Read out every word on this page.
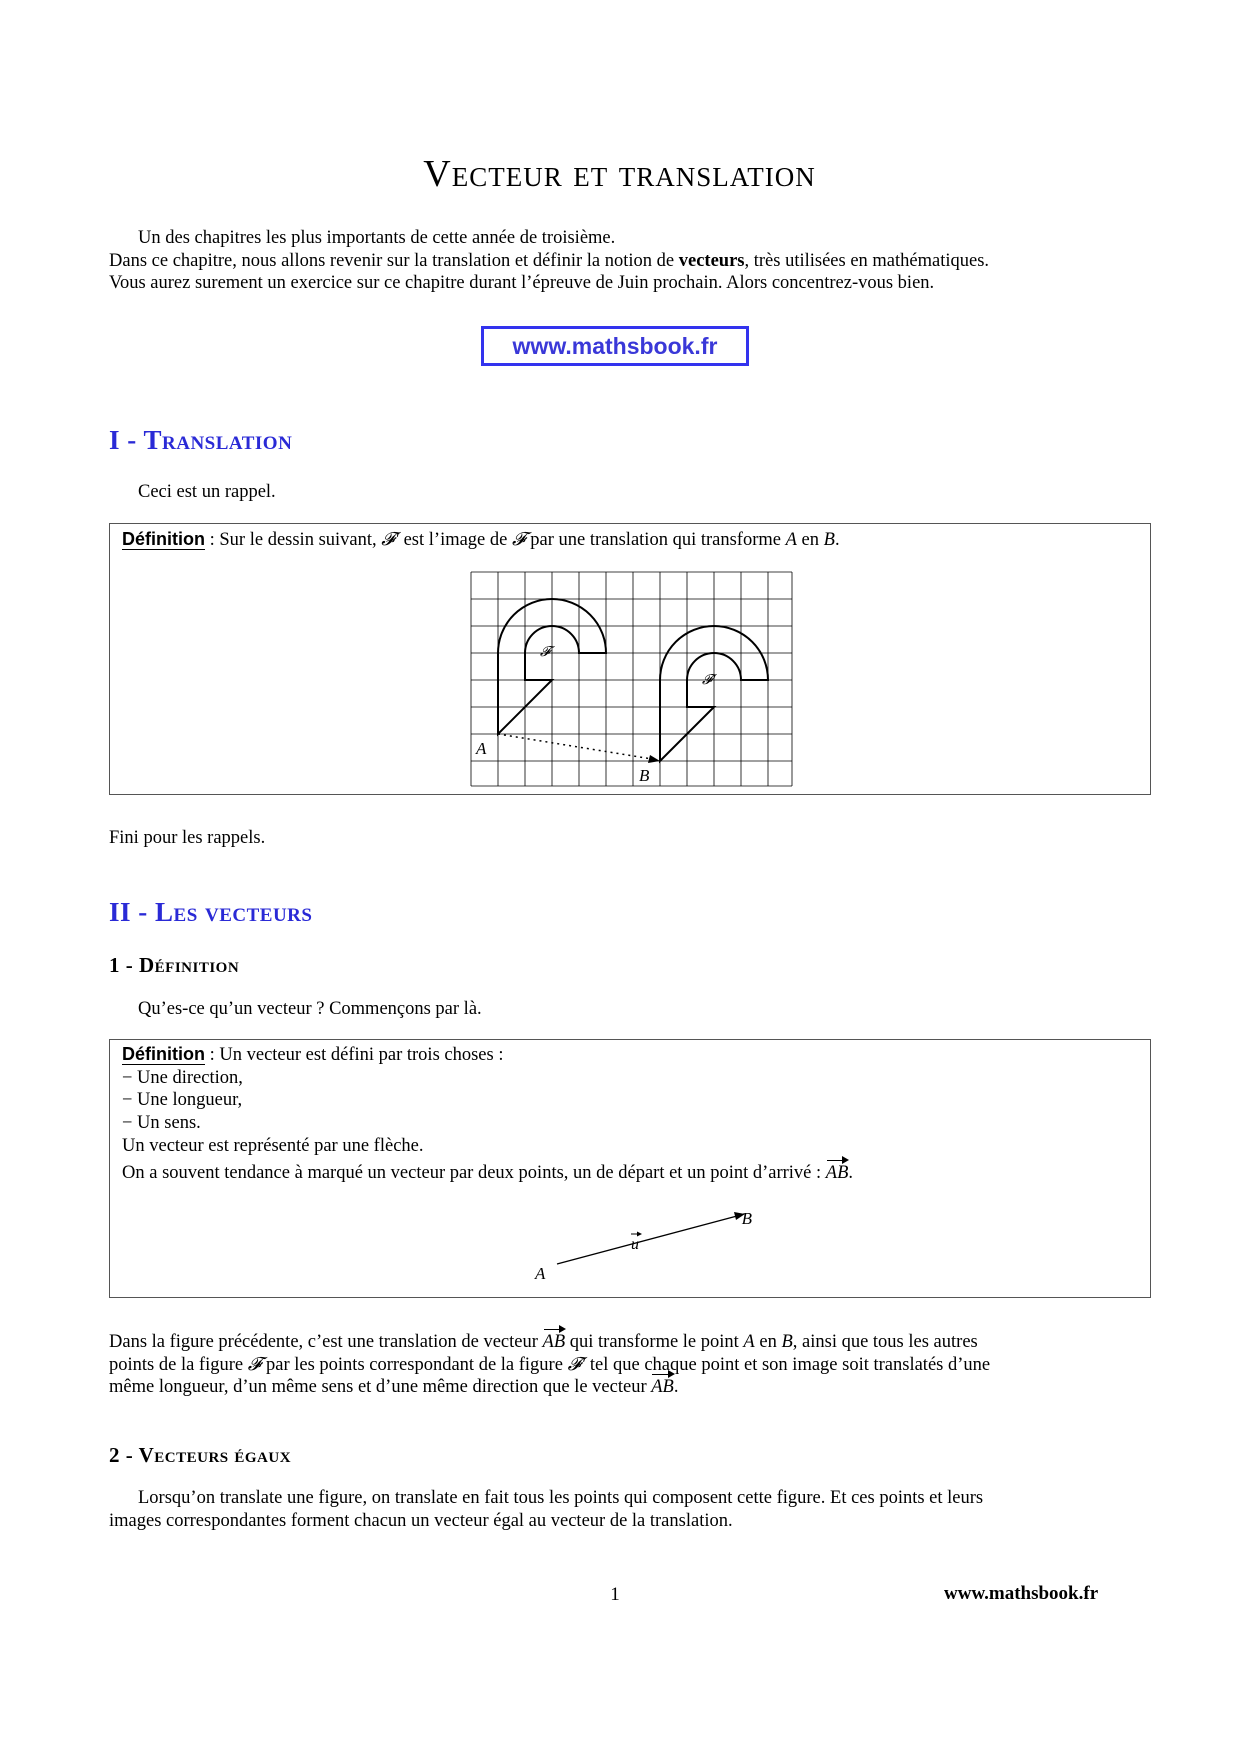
Vecteur et translation

Un des chapitres les plus importants de cette année de troisième.

Dans ce chapitre, nous allons revenir sur la translation et définir la notion de vecteurs, très utilisées en mathématiques.

Vous aurez surement un exercice sur ce chapitre durant l’épreuve de Juin prochain. Alors concentrez-vous bien.

www.mathsbook.fr
I - Translation
Ceci est un rappel.
Définition : Sur le dessin suivant, 𝓕′ est l’image de 𝓕 par une translation qui transforme A en B.
A
B
𝓕
𝓕′
Fini pour les rappels.
II - Les vecteurs
1 - Définition
Qu’es-ce qu’un vecteur ? Commençons par là.
Définition : Un vecteur est défini par trois choses :
− Une direction,
− Une longueur,
− Un sens.
Un vecteur est représenté par une flèche.
On a souvent tendance à marqué un vecteur par deux points, un de départ et un point d’arrivé : AB.
A
B
u

Dans la figure précédente, c’est une translation de vecteur AB qui transforme le point A en B, ainsi que tous les autres

points de la figure 𝓕 par les points correspondant de la figure 𝓕′ tel que chaque point et son image soit translatés d’une

même longueur, d’un même sens et d’une même direction que le vecteur AB.

2 - Vecteurs égaux

Lorsqu’on translate une figure, on translate en fait tous les points qui composent cette figure. Et ces points et leurs

images correspondantes forment chacun un vecteur égal au vecteur de la translation.

1	www.mathsbook.fr
